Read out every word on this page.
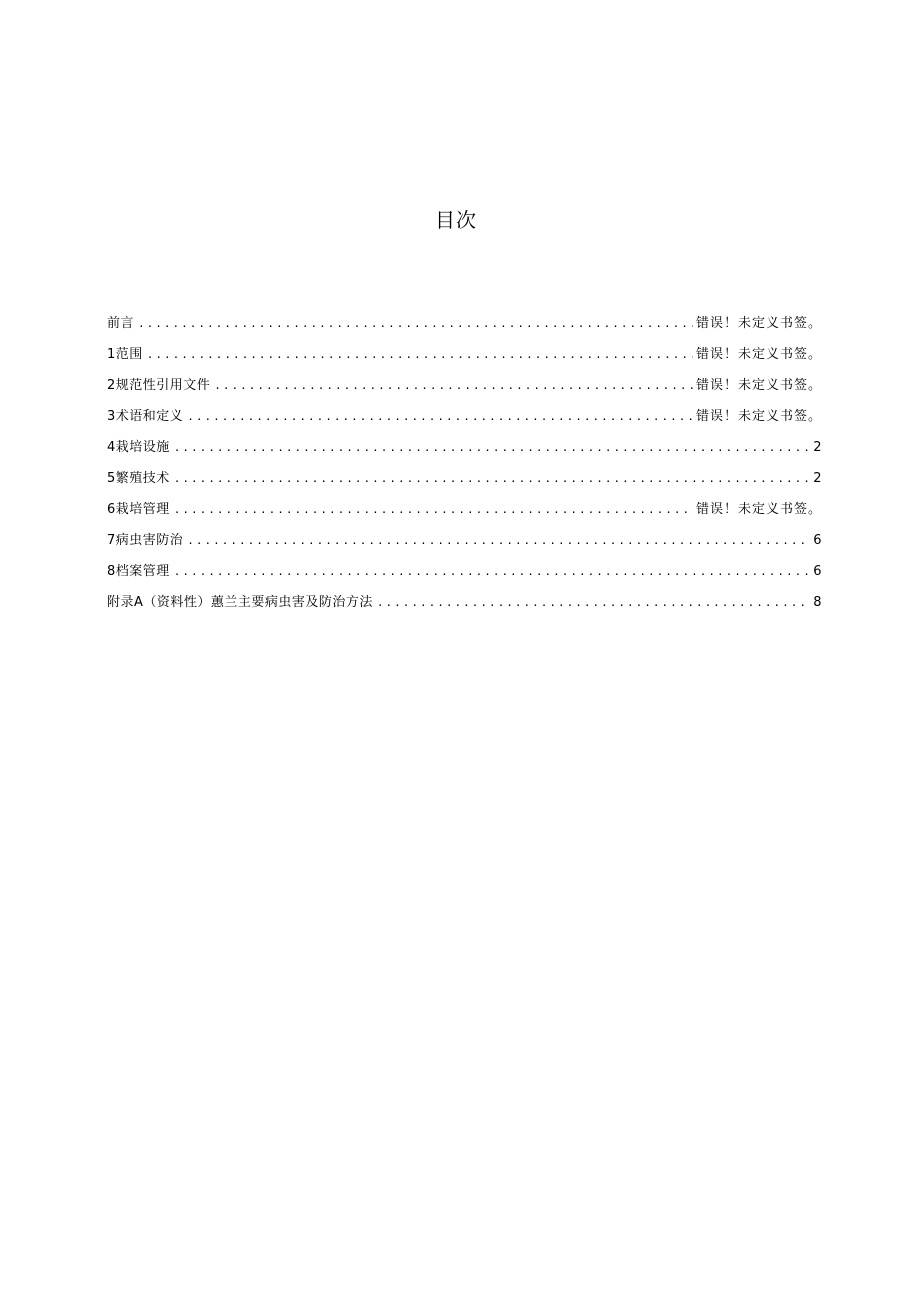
目次
前言 .....	错误！未定义书签。
1范围 .....	错误！未定义书签。
2规范性引用文件 .....	错误！未定义书签。
3术语和定义 .....	错误！未定义书签。
4栽培设施 .....	2
5繁殖技术 .....	2
6栽培管理 .....	错误！未定义书签。
7病虫害防治 .....	6
8档案管理 .....	6
附录A（资料性）蕙兰主要病虫害及防治方法 .....	8
